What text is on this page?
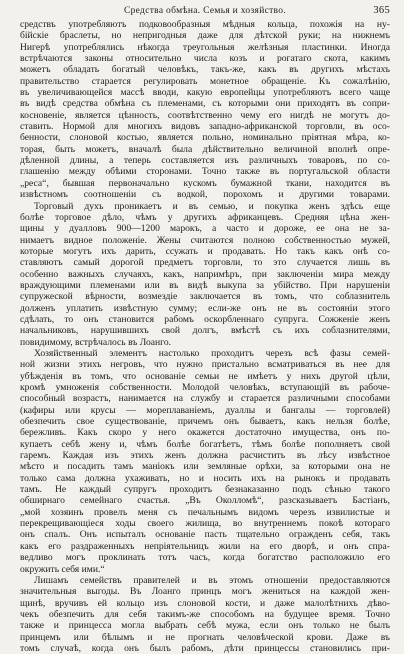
Средства обмѣна. Семья и хозяйство.	365
средствъ употребляютъ подковообразныя мѣдныя кольца, похожія на ну-
бійскіе браслеты, но непригодныя даже для дѣтской руки; на нижнемъ
Нигерѣ употреблялись нѣкогда треугольныя желѣзныя пластинки. Иногда
встрѣчаются законы относительно числа козъ и рогатаго скота, какимъ
можетъ обладать богатый человѣкъ, такъ-же, какъ въ другихъ мѣстахъ
правительство старается регулировать монетное обращеніе. Къ сожалѣнію,
въ увеличивающейся массѣ вводи, какую европейцы употребляютъ всего чаще
въ видѣ средства обмѣна съ племенами, съ которыми они приходятъ въ сопри-
косновеніе, является цѣнность, соотвѣтственно чему его нигдѣ не могутъ до-
ставить. Нормой для многихъ видовъ западно-африканской торговли, въ осо-
бенности, слоновой костью, является польно, номинально пріятная мѣра, ко-
торая, быть можетъ, вначалѣ была дѣйствительно величиной вполнѣ опре-
дѣленной длины, а теперь составляется изъ различныхъ товаровъ, по со-
глашенію между обѣими сторонами. Точно также въ португальской области
„реса“, бывшая первоначально кускомъ бумажной ткани, находится въ
извѣстномъ соотношеніи съ водкой, порохомъ и другими товарами.
Торговый духъ проникаетъ и въ семью, и покупка женъ здѣсь еще
болѣе торговое дѣло, чѣмъ у другихъ африканцевъ. Средняя цѣна жен-
щины у дуалловъ 900—1200 марокъ, а часто и дороже, ее она не за-
нимаетъ видное положеніе. Жены считаются полною собственностью мужей,
которые могутъ ихъ дарить, ссужать и продавать. Но такъ какъ онѣ со-
ставляютъ самый дорогой предметъ торговли, то это случается лишь въ
особенно важныхъ случаяхъ, какъ, напримѣръ, при заключеніи мира между
враждующими племенами или въ видѣ выкупа за убійство. При нарушеніи
супружеской вѣрности, возмездіе заключается въ томъ, что соблазнитель
долженъ уплатить извѣстную сумму; если-же онъ не въ состояніи этого
сдѣлать, то онъ становится рабомъ оскорбленнаго супруга. Сожженіе женъ
начальниковъ, нарушившихъ свой долгъ, вмѣстѣ съ ихъ соблазнителями,
повидимому, встрѣчалось въ Лоанго.
Хозяйственный элементъ настолько проходитъ черезъ всѣ фазы семей-
ной жизни этихъ негровъ, что нужно пристально всматриваться въ нее для
убѣжденія въ томъ, что основаніе семьи не имѣетъ у нихъ другой цѣли,
кромѣ умноженія собственности. Молодой человѣкъ, вступающій въ рабоче-
способный возрастъ, нанимается на службу и старается различными способами
(кафиры или крусы — мореплаваніемъ, дуаллы и бангалы — торговлей)
обезпечить свое существованіе, причемъ онъ бываетъ, какъ нельзя болѣе,
бережливъ. Какъ скоро у него окажется достаточно имущества, онъ по-
купаетъ себѣ жену и, чѣмъ болѣе богатѣетъ, тѣмъ болѣе пополняетъ свой
гаремъ. Каждая изъ этихъ женъ должна расчистить въ лѣсу извѣстное
мѣсто и посадить тамъ маніокъ или земляные орѣхи, за которыми она не
только сама должна ухаживать, но и носить ихъ на рынокъ и продавать
тамъ. Не каждый супругъ проходитъ безнаказанно подъ сѣнью такого
обширнаго семейнаго счастья. „Въ Околломѣ“, разсказываетъ Бастіанъ,
„мой хозяинъ провелъ меня съ печальнымъ видомъ черезъ извилистые и
перекрещивающіеся ходы своего жилища, во внутреннемъ покоѣ котораго
онъ спалъ. Онъ испыталъ основаніе пасть тщательно огражденъ себя, такъ
какъ его раздраженныхъ непріятельницъ жили на его дворѣ, и онъ спра-
ведливо могъ проклинать тотъ часъ, когда богатство расположило его
окружить себя ими.“
Лишамъ семействъ правителей и въ этомъ отношеніи предоставляются
значительныя выгоды. Въ Лоанго принцъ могъ жениться на каждой жен-
щинѣ, вручивъ ей кольцо изъ слоновой кости, и даже малолѣтнихъ дѣво-
чекъ обезпечить для себя такимъ-же способомъ на будущее время. Точно
также и принцесса могла выбрать себѣ мужа, если онъ только не былъ
принцемъ или бѣлымъ и не прогнать человѣческой крови. Даже въ
томъ случаѣ, когда онъ былъ рабомъ, дѣти принцессы становились при-
